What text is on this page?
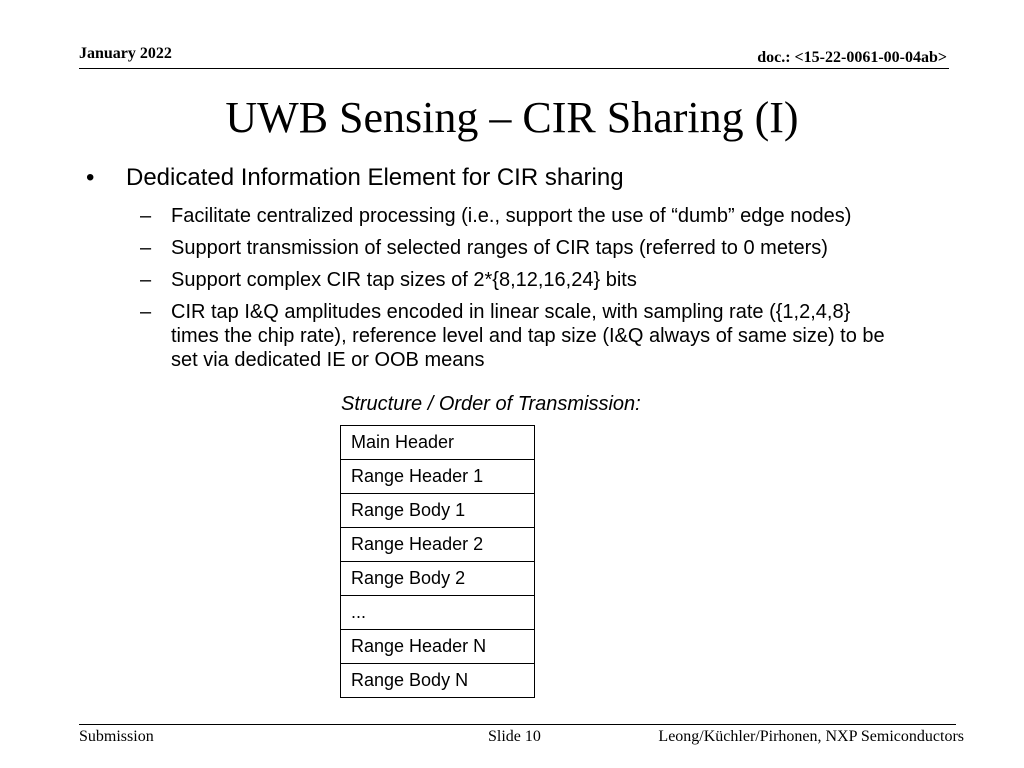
January 2022	doc.: <15-22-0061-00-04ab>
UWB Sensing – CIR Sharing (I)
• Dedicated Information Element for CIR sharing
– Facilitate centralized processing (i.e., support the use of “dumb” edge nodes)
– Support transmission of selected ranges of CIR taps (referred to 0 meters)
– Support complex CIR tap sizes of 2*{8,12,16,24} bits
– CIR tap I&Q amplitudes encoded in linear scale, with sampling rate ({1,2,4,8} times the chip rate), reference level and tap size (I&Q always of same size) to be set via dedicated IE or OOB means
Structure / Order of Transmission:
Main Header
Range Header 1
Range Body 1
Range Header 2
Range Body 2
...
Range Header N
Range Body N
Submission	Slide 10	Leong/Küchler/Pirhonen, NXP Semiconductors
